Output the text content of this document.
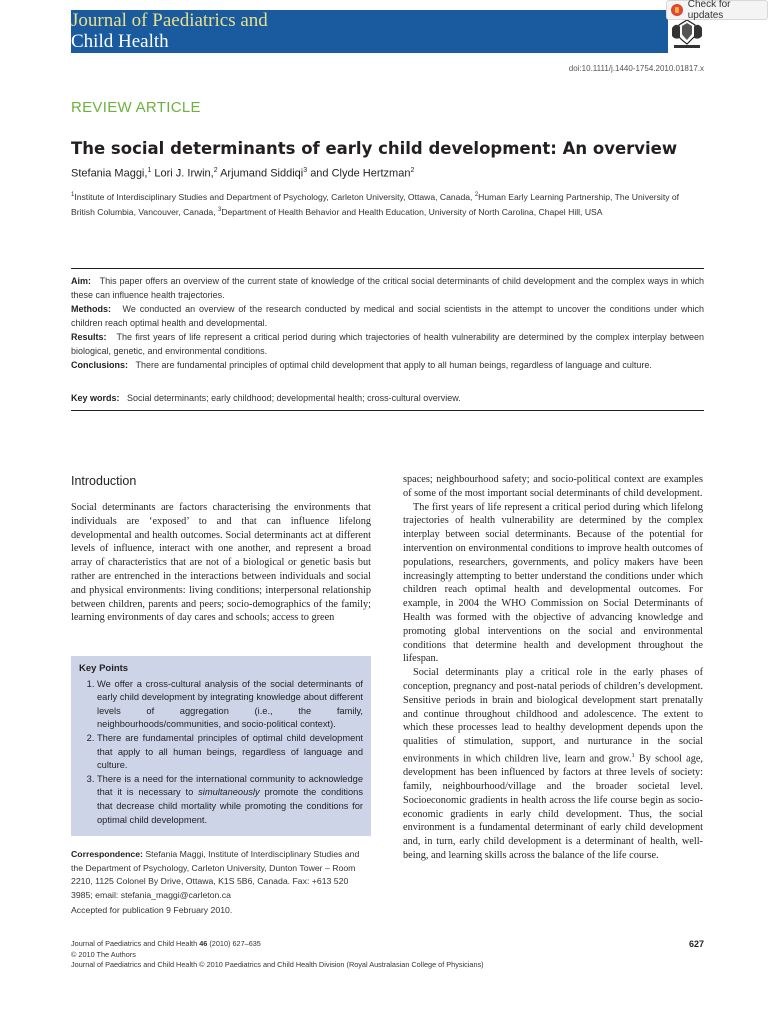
Journal of Paediatrics and
Child Health
Check for updates
doi:10.1111/j.1440-1754.2010.01817.x
REVIEW ARTICLE
The social determinants of early child development: An overview
Stefania Maggi,$^1$ Lori J. Irwin,$^2$ Arjumand Siddiqi$^3$ and Clyde Hertzman$^2$
$^1$Institute of Interdisciplinary Studies and Department of Psychology, Carleton University, Ottawa, Canada, $^2$Human Early Learning Partnership, The University of British Columbia, Vancouver, Canada, $^3$Department of Health Behavior and Health Education, University of North Carolina, Chapel Hill, USA

Aim: This paper offers an overview of the current state of knowledge of the critical social determinants of child development and the complex ways in which these can influence health trajectories.

Methods: We conducted an overview of the research conducted by medical and social scientists in the attempt to uncover the conditions under which children reach optimal health and developmental.

Results: The first years of life represent a critical period during which trajectories of health vulnerability are determined by the complex interplay between biological, genetic, and environmental conditions.

Conclusions: There are fundamental principles of optimal child development that apply to all human beings, regardless of language and culture.

Key words: Social determinants; early childhood; developmental health; cross-cultural overview.
Introduction

Social determinants are factors characterising the environments that individuals are ‘exposed’ to and that can influence lifelong developmental and health outcomes. Social determinants act at different levels of influence, interact with one another, and represent a broad array of characteristics that are not of a biological or genetic basis but rather are entrenched in the interactions between individuals and social and physical environments: living conditions; interpersonal relationship between children, parents and peers; socio-demographics of the family; learning environments of day cares and schools; access to green

Key Points
1. We offer a cross-cultural analysis of the social determinants of early child development by integrating knowledge about different levels of aggregation (i.e., the family, neighbourhoods/communities, and socio-political context).
2. There are fundamental principles of optimal child development that apply to all human beings, regardless of language and culture.
3. There is a need for the international community to acknowledge that it is necessary to simultaneously promote the conditions that decrease child mortality while promoting the conditions for optimal child development.
Correspondence: Stefania Maggi, Institute of Interdisciplinary Studies and the Department of Psychology, Carleton University, Dunton Tower – Room 2210, 1125 Colonel By Drive, Ottawa, K1S 5B6, Canada. Fax: +613 520 3985; email: stefania_maggi@carleton.ca
Accepted for publication 9 February 2010.

spaces; neighbourhood safety; and socio-political context are examples of some of the most important social determinants of child development.

The first years of life represent a critical period during which lifelong trajectories of health vulnerability are determined by the complex interplay between social determinants. Because of the potential for intervention on environmental conditions to improve health outcomes of populations, researchers, governments, and policy makers have been increasingly attempting to better understand the conditions under which children reach optimal health and developmental outcomes. For example, in 2004 the WHO Commission on Social Determinants of Health was formed with the objective of advancing knowledge and promoting global interventions on the social and environmental conditions that determine health and development throughout the lifespan.

Social determinants play a critical role in the early phases of conception, pregnancy and post-natal periods of children’s development. Sensitive periods in brain and biological development start prenatally and continue throughout childhood and adolescence. The extent to which these processes lead to healthy development depends upon the qualities of stimulation, support, and nurturance in the social environments in which children live, learn and grow.$^1$ By school age, development has been influenced by factors at three levels of society: family, neighbourhood/village and the broader societal level. Socioeconomic gradients in health across the life course begin as socio-economic gradients in early child development. Thus, the social environment is a fundamental determinant of early child development and, in turn, early child development is a determinant of health, well-being, and learning skills across the balance of the life course.

Journal of Paediatrics and Child Health 46 (2010) 627–635
© 2010 The Authors
Journal of Paediatrics and Child Health © 2010 Paediatrics and Child Health Division (Royal Australasian College of Physicians)
627
